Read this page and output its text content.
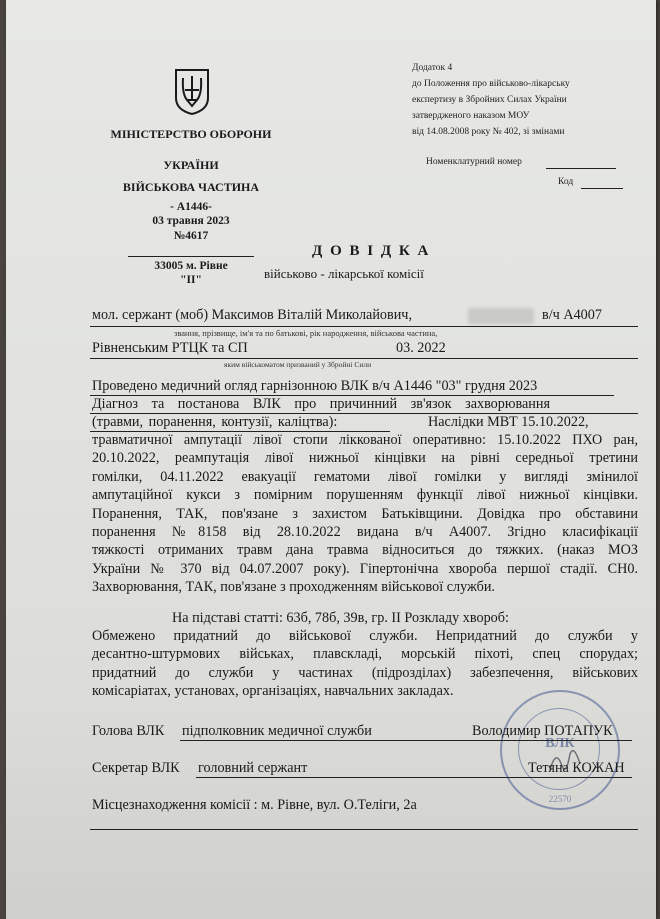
МІНІСТЕРСТВО ОБОРОНИ
УКРАЇНИ
ВІЙСЬКОВА ЧАСТИНА
- А1446-
03 травня 2023
№4617
33005 м. Рівне
"II"
Додаток 4
до Положення про військово-лікарську
експертизу в Збройних Силах України
затвердженого наказом МОУ
від 14.08.2008 року № 402, зі змінами
Номенклатурний номер
Код
Д О В І Д К А
військово - лікарської комісії
мол. сержант (моб) Максимов Віталій Миколайович,	в/ч А4007
звання, прізвище, ім'я та по батькові, рік народження, військова частина,
Рівненським РТЦК та СП	03. 2022
яким військоматом призваний у Збройні Сили
Проведено медичний огляд гарнізонною ВЛК в/ч А1446 "03" грудня 2023
Діагноз та постанова ВЛК про причинний зв'язок захворювання
(травми, поранення, контузії, каліцтва):	Наслідки МВТ 15.10.2022,
травматичної ампутації лівої стопи ліккованої оперативно: 15.10.2022 ПХО ран,
20.10.2022, реампутація лівої нижньої кінцівки на рівні середньої третини
гомілки, 04.11.2022 евакуації гематоми лівої гомілки у вигляді змінилої
ампутаційної кукси з помірним порушенням функції лівої нижньої кінцівки.
Поранення, ТАК, пов'язане з захистом Батьківщини. Довідка про обставини
поранення №8158 від 28.10.2022 видана в/ч А4007. Згідно класифікації
тяжкості отриманих травм дана травма відноситься до тяжких. (наказ МОЗ
України № 370 від 04.07.2007 року). Гіпертонічна хвороба першої стадії. СН0.
Захворювання, ТАК, пов'язане з проходженням військової служби.
На підставі статті: 63б, 78б, 39в, гр. II Розкладу хвороб:
Обмежено придатний до військової служби. Непридатний до служби у
десантно-штурмових військах, плавскладі, морській піхоті, спец спорудах;
придатний до служби у частинах (підрозділах) забезпечення, військових
комісаріатах, установах, організаціях, навчальних закладах.
ВЛК
22570
Голова ВЛК підполковник медичної служби	Володимир ПОТАПУК
Секретар ВЛК головний сержант	Тетяна КОЖАН
Місцезнаходження комісії : м. Рівне, вул. О.Теліги, 2а
